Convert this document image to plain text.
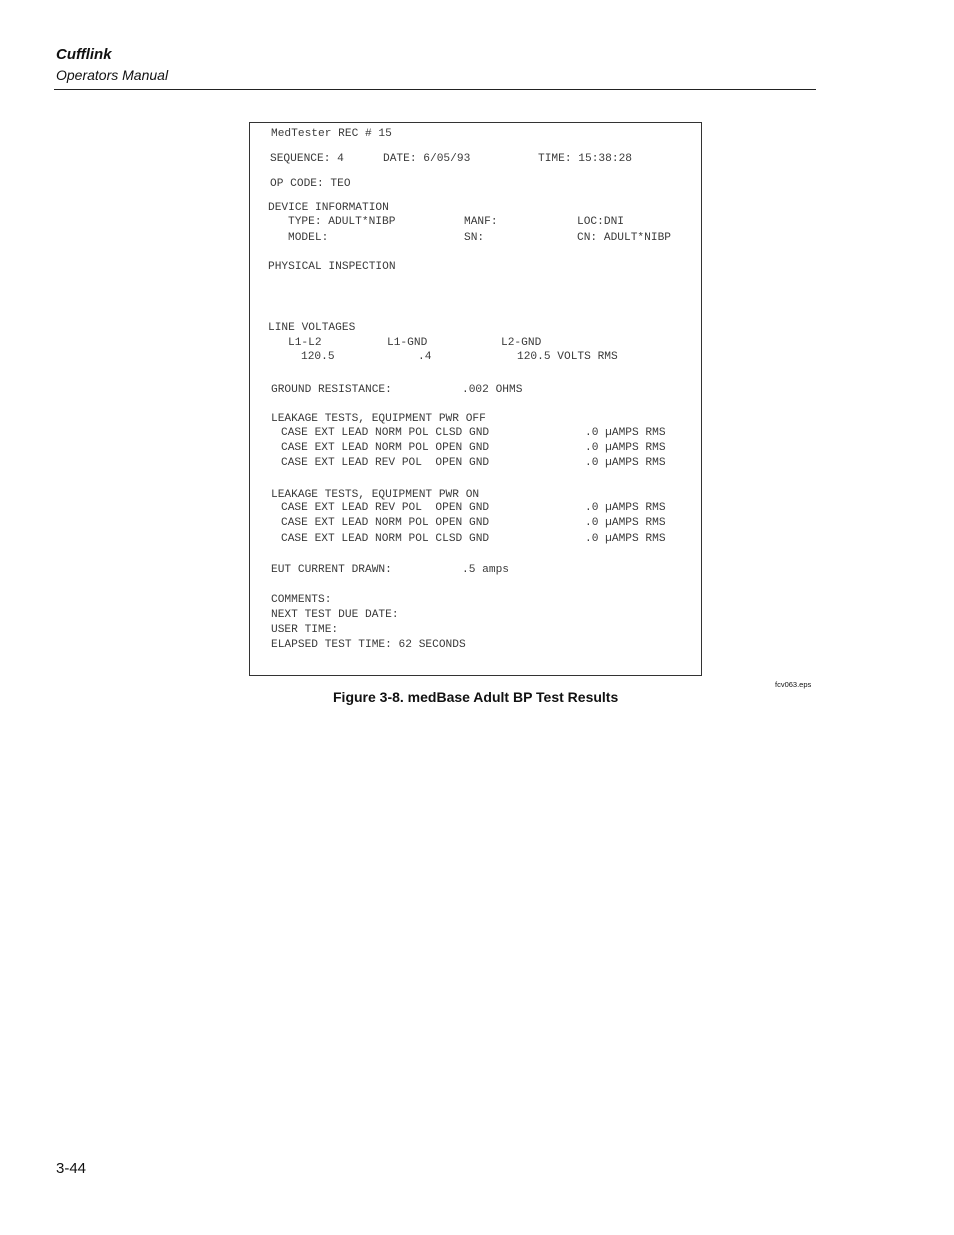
Cufflink
Operators Manual
MedTester REC # 15
SEQUENCE: 4	DATE: 6/05/93	TIME: 15:38:28
OP CODE: TEO
DEVICE INFORMATION
TYPE: ADULT*NIBP	MANF:	LOC:DNI
MODEL:	SN:	CN: ADULT*NIBP
PHYSICAL INSPECTION
LINE VOLTAGES
L1-L2	L1-GND	L2-GND
120.5	.4	120.5 VOLTS RMS
GROUND RESISTANCE:	.002 OHMS
LEAKAGE TESTS, EQUIPMENT PWR OFF
CASE EXT LEAD NORM POL CLSD GND	.0 µAMPS RMS
CASE EXT LEAD NORM POL OPEN GND	.0 µAMPS RMS
CASE EXT LEAD REV POL  OPEN GND	.0 µAMPS RMS
LEAKAGE TESTS, EQUIPMENT PWR ON
CASE EXT LEAD REV POL  OPEN GND	.0 µAMPS RMS
CASE EXT LEAD NORM POL OPEN GND	.0 µAMPS RMS
CASE EXT LEAD NORM POL CLSD GND	.0 µAMPS RMS
EUT CURRENT DRAWN:	.5 amps
COMMENTS:
NEXT TEST DUE DATE:
USER TIME:
ELAPSED TEST TIME: 62 SECONDS
fcv063.eps
Figure 3-8. medBase Adult BP Test Results
3-44
